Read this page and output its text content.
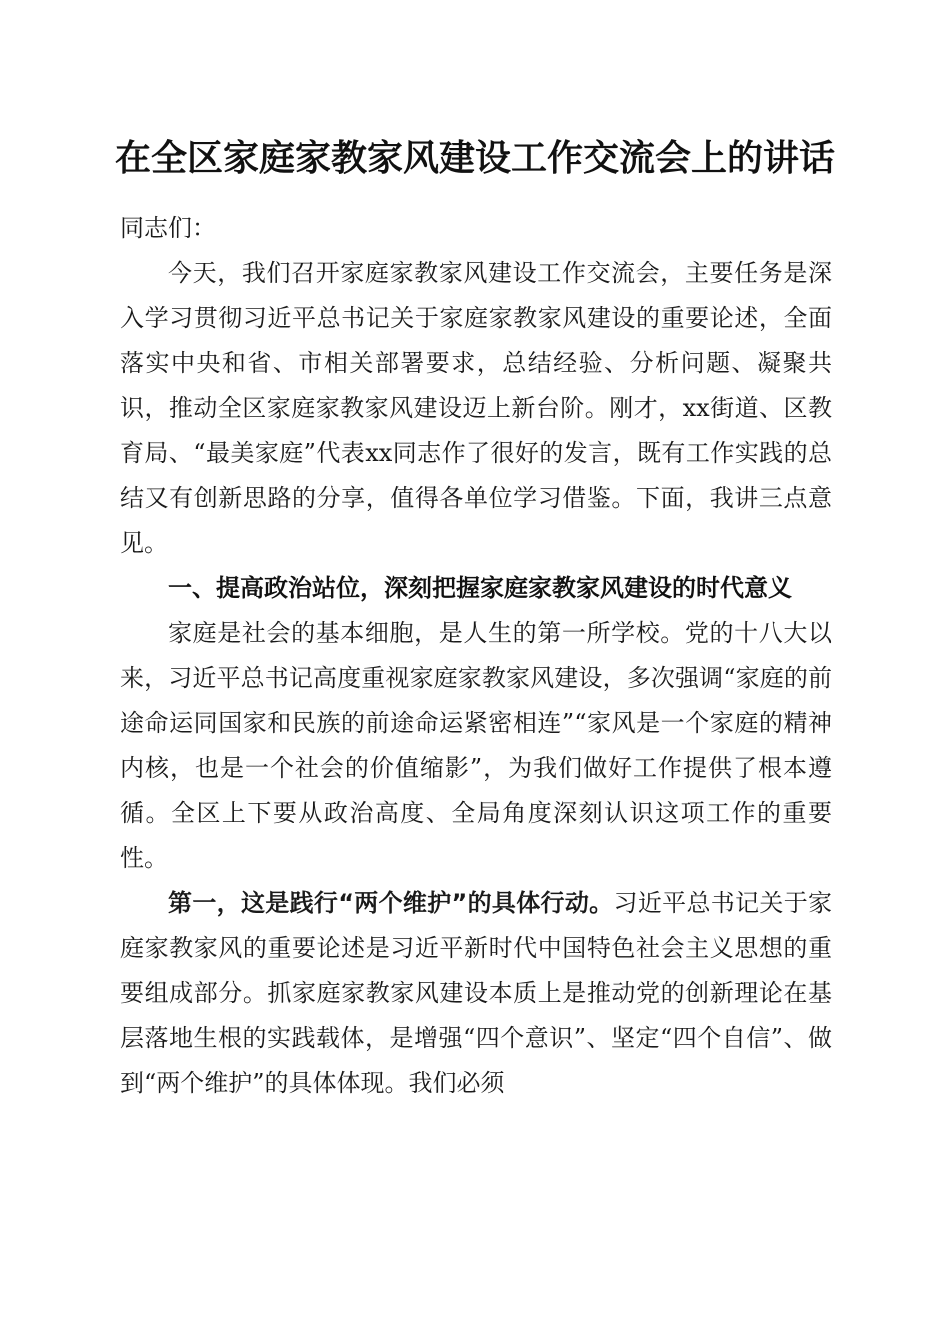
在全区家庭家教家风建设工作交流会上的讲话

同志们：

今天，我们召开家庭家教家风建设工作交流会，主要任务是深入学习贯彻习近平总书记关于家庭家教家风建设的重要论述，全面落实中央和省、市相关部署要求，总结经验、分析问题、凝聚共识，推动全区家庭家教家风建设迈上新台阶。刚才，xx街道、区教育局、“最美家庭”代表xx同志作了很好的发言，既有工作实践的总结又有创新思路的分享，值得各单位学习借鉴。下面，我讲三点意见。

一、提高政治站位，深刻把握家庭家教家风建设的时代意义

家庭是社会的基本细胞，是人生的第一所学校。党的十八大以来，习近平总书记高度重视家庭家教家风建设，多次强调“家庭的前途命运同国家和民族的前途命运紧密相连”“家风是一个家庭的精神内核，也是一个社会的价值缩影”，为我们做好工作提供了根本遵循。全区上下要从政治高度、全局角度深刻认识这项工作的重要性。

第一，这是践行“两个维护”的具体行动。习近平总书记关于家庭家教家风的重要论述是习近平新时代中国特色社会主义思想的重要组成部分。抓家庭家教家风建设本质上是推动党的创新理论在基层落地生根的实践载体，是增强“四个意识”、坚定“四个自信”、做到“两个维护”的具体体现。我们必须
